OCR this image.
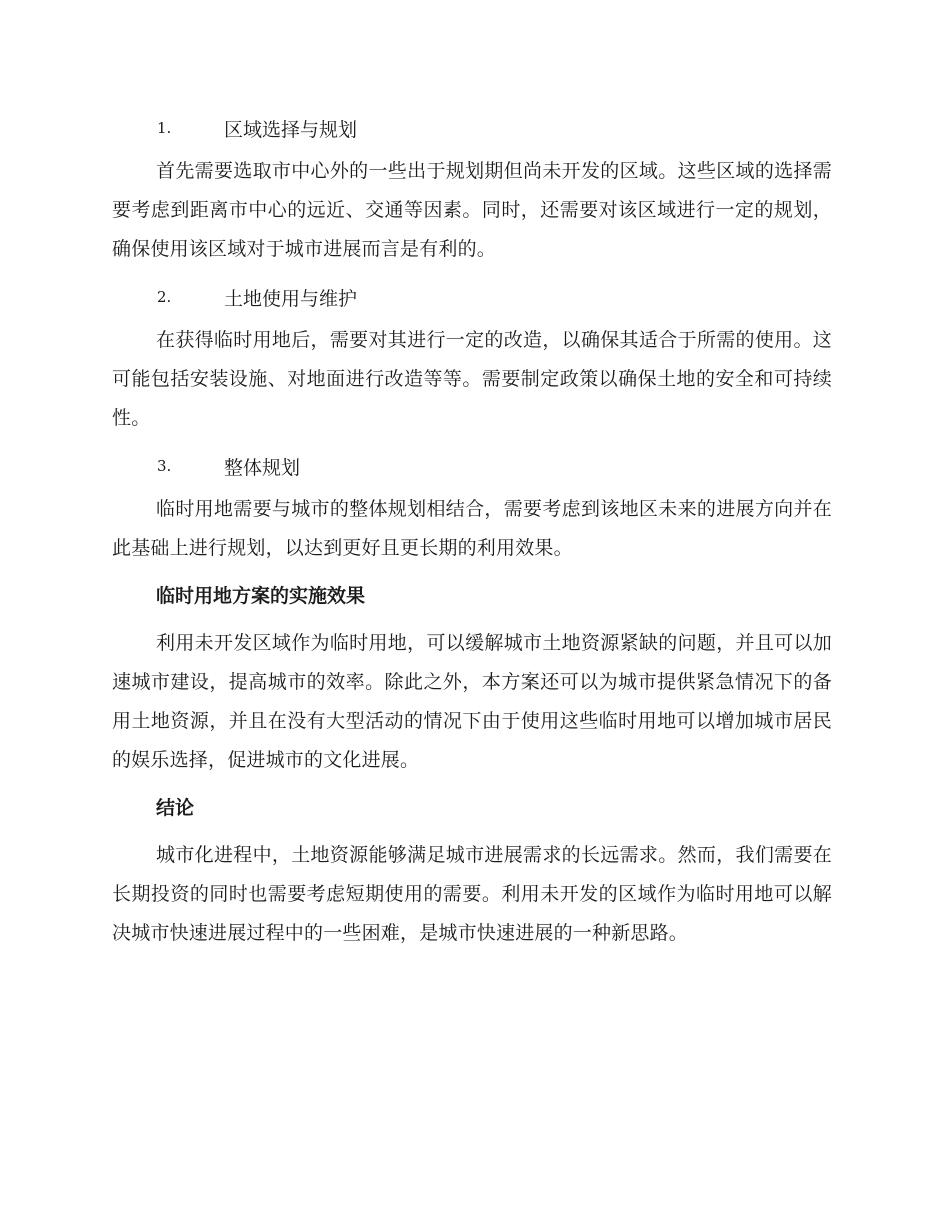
1.	区域选择与规划

首先需要选取市中心外的一些出于规划期但尚未开发的区域。这些区域的选择需要考虑到距离市中心的远近、交通等因素。同时，还需要对该区域进行一定的规划，确保使用该区域对于城市进展而言是有利的。

2.	土地使用与维护

在获得临时用地后，需要对其进行一定的改造，以确保其适合于所需的使用。这可能包括安装设施、对地面进行改造等等。需要制定政策以确保土地的安全和可持续性。

3.	整体规划

临时用地需要与城市的整体规划相结合，需要考虑到该地区未来的进展方向并在此基础上进行规划，以达到更好且更长期的利用效果。

临时用地方案的实施效果

利用未开发区域作为临时用地，可以缓解城市土地资源紧缺的问题，并且可以加速城市建设，提高城市的效率。除此之外，本方案还可以为城市提供紧急情况下的备用土地资源，并且在没有大型活动的情况下由于使用这些临时用地可以增加城市居民的娱乐选择，促进城市的文化进展。

结论

城市化进程中，土地资源能够满足城市进展需求的长远需求。然而，我们需要在长期投资的同时也需要考虑短期使用的需要。利用未开发的区域作为临时用地可以解决城市快速进展过程中的一些困难，是城市快速进展的一种新思路。
